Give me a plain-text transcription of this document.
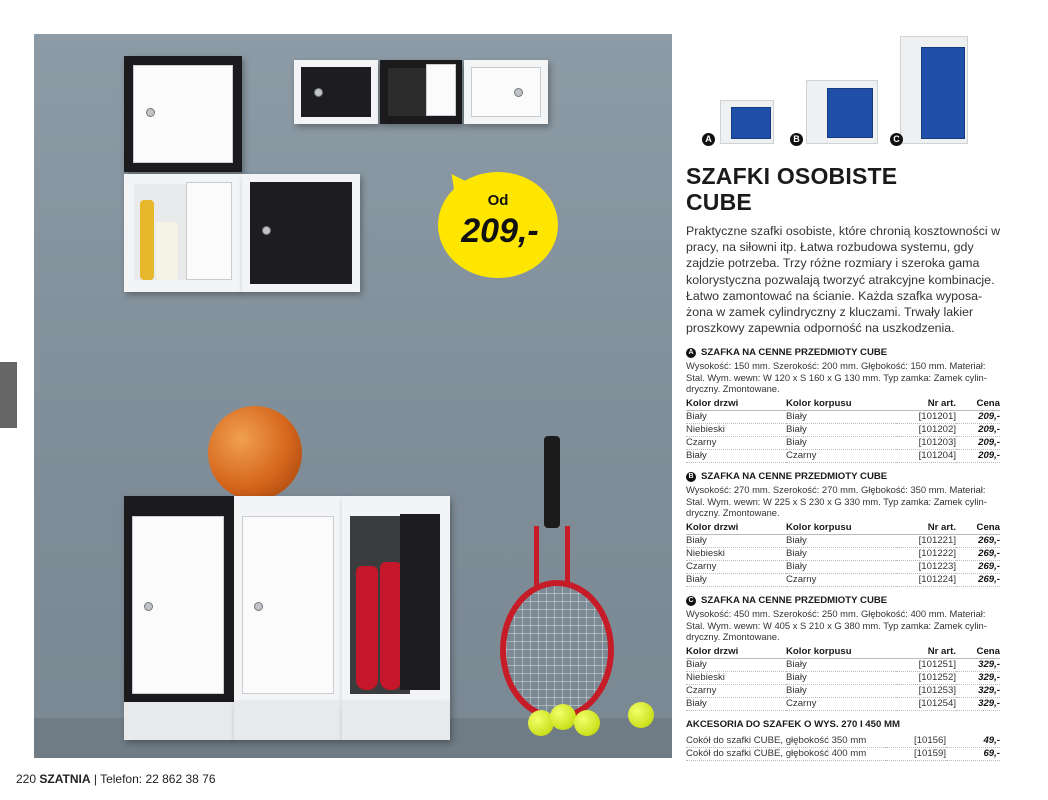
Od
209,-
A	B	C
SZAFKI OSOBISTE
CUBE
Praktyczne szafki osobiste, które chronią kosztowności w pracy, na siłowni itp. Łatwa rozbudowa systemu, gdy zajdzie potrzeba. Trzy różne rozmiary i szeroka gama kolorystyczna pozwalają tworzyć atrakcyjne kombinacje. Łatwo zamontować na ścianie. Każda szafka wyposa-żona w zamek cylindryczny z kluczami. Trwały lakier proszkowy zapewnia odporność na uszkodzenia.
A SZAFKA NA CENNE PRZEDMIOTY CUBE
Wysokość: 150 mm. Szerokość: 200 mm. Głębokość: 150 mm. Materiał: Stal. Wym. wewn: W 120 x S 160 x G 130 mm. Typ zamka: Zamek cylin-dryczny. Zmontowane.
Kolor drzwi	Kolor korpusu	Nr art.	Cena
Biały	Biały	[101201]	209,-
Niebieski	Biały	[101202]	209,-
Czarny	Biały	[101203]	209,-
Biały	Czarny	[101204]	209,-
B SZAFKA NA CENNE PRZEDMIOTY CUBE
Wysokość: 270 mm. Szerokość: 270 mm. Głębokość: 350 mm. Materiał: Stal. Wym. wewn: W 225 x S 230 x G 330 mm. Typ zamka: Zamek cylin-dryczny. Zmontowane.
Kolor drzwi	Kolor korpusu	Nr art.	Cena
Biały	Biały	[101221]	269,-
Niebieski	Biały	[101222]	269,-
Czarny	Biały	[101223]	269,-
Biały	Czarny	[101224]	269,-
C SZAFKA NA CENNE PRZEDMIOTY CUBE
Wysokość: 450 mm. Szerokość: 250 mm. Głębokość: 400 mm. Materiał: Stal. Wym. wewn: W 405 x S 210 x G 380 mm. Typ zamka: Zamek cylin-dryczny. Zmontowane.
Kolor drzwi	Kolor korpusu	Nr art.	Cena
Biały	Biały	[101251]	329,-
Niebieski	Biały	[101252]	329,-
Czarny	Biały	[101253]	329,-
Biały	Czarny	[101254]	329,-
AKCESORIA DO SZAFEK O WYS. 270 I 450 MM
Cokół do szafki CUBE, głębokość 350 mm	[10156]	49,-
Cokół do szafki CUBE, głębokość 400 mm	[10159]	69,-
220 SZATNIA | Telefon: 22 862 38 76
